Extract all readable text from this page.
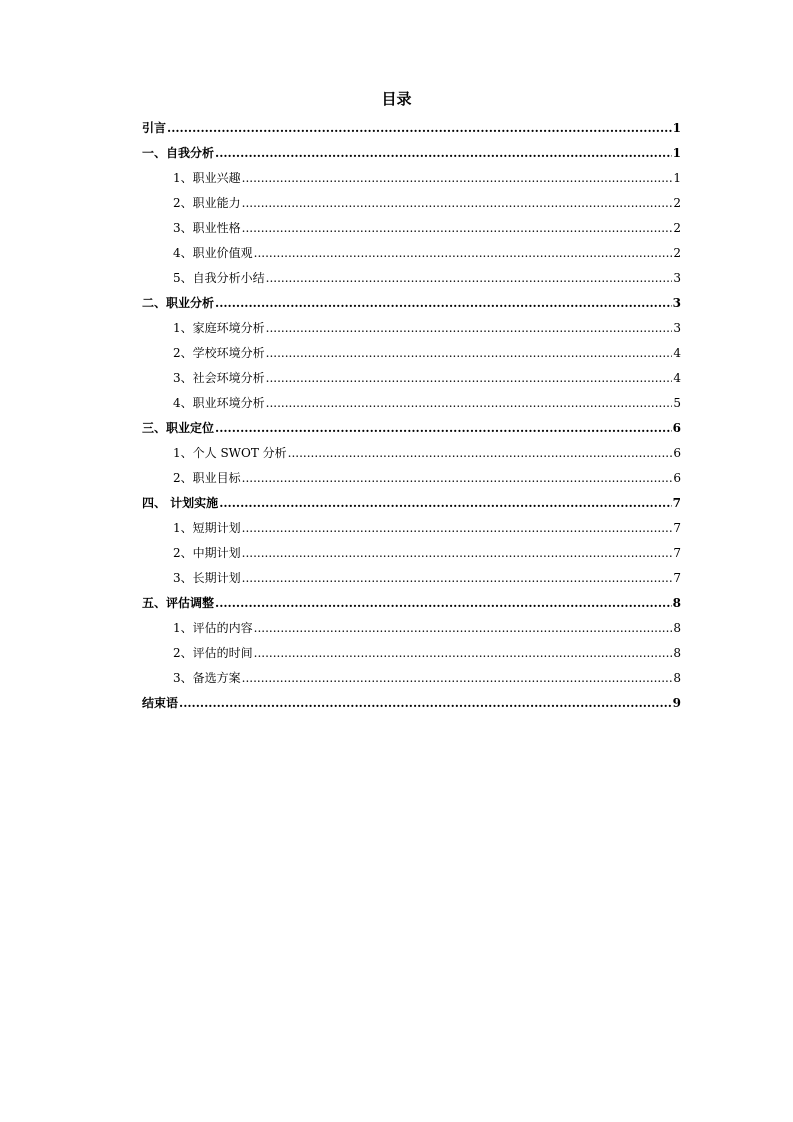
目录
引言 .....	1
一、自我分析 .....	1
1、职业兴趣 .....	1
2、职业能力 .....	2
3、职业性格 .....	2
4、职业价值观 .....	2
5、自我分析小结 .....	3
二、职业分析 .....	3
1、家庭环境分析 .....	3
2、学校环境分析 .....	4
3、社会环境分析 .....	4
4、职业环境分析 .....	5
三、职业定位 .....	6
1、个人 SWOT 分析 .....	6
2、职业目标 .....	6
四、 计划实施 .....	7
1、短期计划 .....	7
2、中期计划 .....	7
3、长期计划 .....	7
五、评估调整 .....	8
1、评估的内容 .....	8
2、评估的时间 .....	8
3、备选方案 .....	8
结束语 .....	9
